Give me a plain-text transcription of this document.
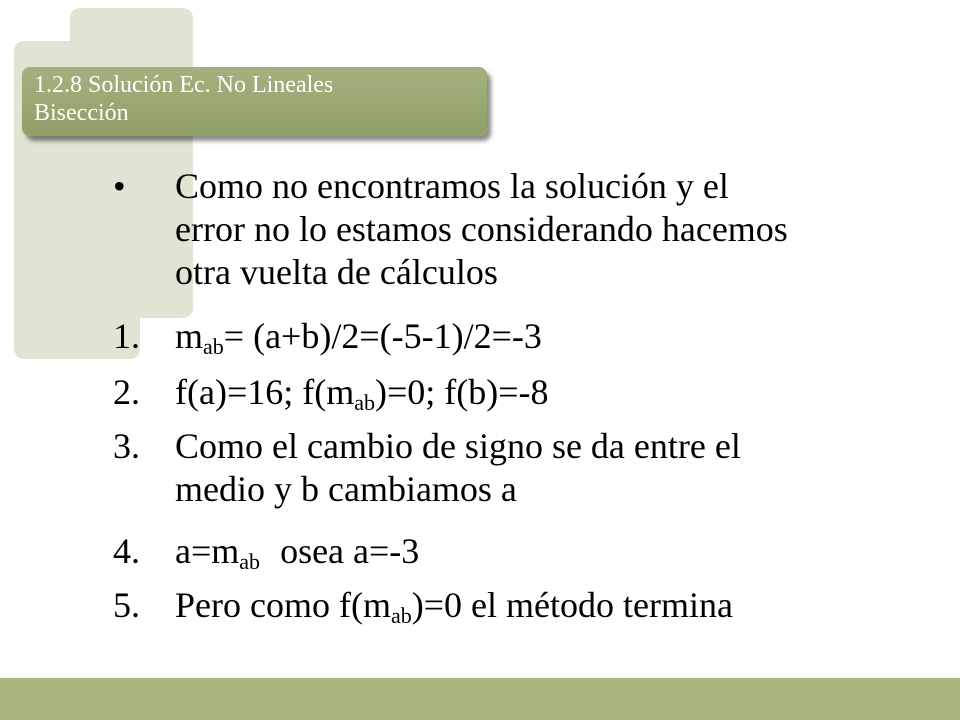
1.2.8 Solución Ec. No Lineales
Bisección
• Como no encontramos la solución y el
error no lo estamos considerando hacemos
otra vuelta de cálculos
1. $m_{ab}= (a+b)/2=(-5-1)/2=-3$
2. f(a)=16; $f(m_{ab})=0$; f(b)=-8
3. Como el cambio de signo se da entre el
medio y b cambiamos a
4. $a=m_{ab}$ osea a=-3
5. Pero como $f(m_{ab})=0$ el método termina
